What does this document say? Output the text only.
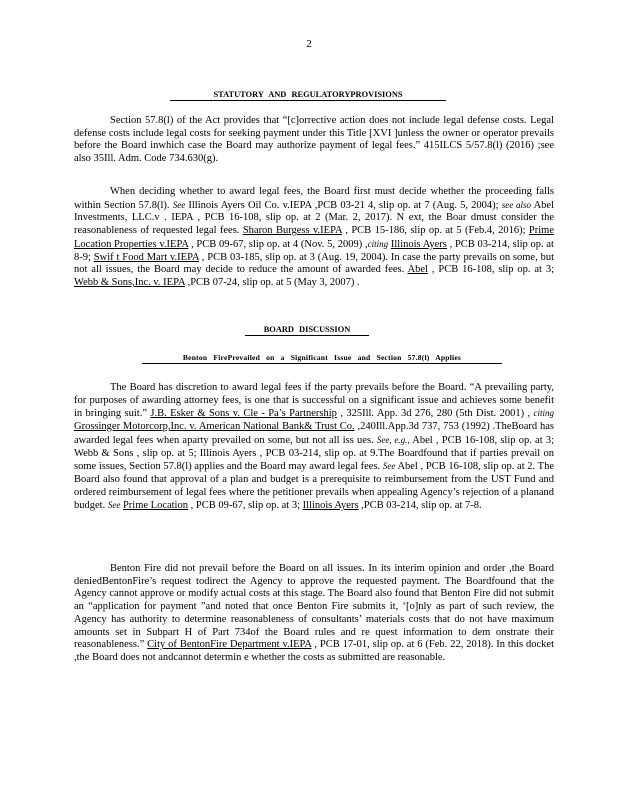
2
STATUTORY AND REGULATORYPROVISIONS

Section 57.8(l) of the Act provides that “[c]orrective action does not include legal defense costs. Legal defense costs include legal costs for seeking payment under this Title [XVI ]unless the owner or operator prevails before the Board inwhich case the Board may authorize payment of legal fees.” 415ILCS 5/57.8(l) (2016) ;see also 35Ill. Adm. Code 734.630(g).

When deciding whether to award legal fees, the Board first must decide whether the proceeding falls within Section 57.8(l). See Illinois Ayers Oil Co. v.IEPA ,PCB 03-21 4, slip op. at 7 (Aug. 5, 2004); see also Abel Investments, LLC.v . IEPA , PCB 16-108, slip op. at 2 (Mar. 2, 2017). N ext, the Boar dmust consider the reasonableness of requested legal fees. Sharon Burgess v.IEPA , PCB 15-186, slip op. at 5 (Feb.4, 2016); Prime Location Properties v.IEPA , PCB 09-67, slip op. at 4 (Nov. 5, 2009) ,citing Illinois Ayers , PCB 03-214, slip op. at 8-9; Swif t Food Mart v.IEPA , PCB 03-185, slip op. at 3 (Aug. 19, 2004). In case the party prevails on some, but not all issues, the Board may decide to reduce the amount of awarded fees. Abel , PCB 16-108, slip op. at 3; Webb & Sons,Inc. v. IEPA ,PCB 07-24, slip op. at 5 (May 3, 2007) .

BOARD DISCUSSION
Benton FirePrevailed on a Significant Issue and Section 57.8(l) Applies

The Board has discretion to award legal fees if the party prevails before the Board. “A prevailing party, for purposes of awarding attorney fees, is one that is successful on a significant issue and achieves some benefit in bringing suit.” J.B. Esker & Sons v. Cle - Pa’s Partnership , 325Ill. App. 3d 276, 280 (5th Dist. 2001) , citing Grossinger Motorcorp,Inc. v. American National Bank& Trust Co. ,240Ill.App.3d 737, 753 (1992) .TheBoard has awarded legal fees when aparty prevailed on some, but not all iss ues. See, e.g., Abel , PCB 16-108, slip op. at 3; Webb & Sons , slip op. at 5; Illinois Ayers , PCB 03-214, slip op. at 9.The Boardfound that if parties prevail on some issues, Section 57.8(l) applies and the Board may award legal fees. See Abel , PCB 16-108, slip op. at 2. The Board also found that approval of a plan and budget is a prerequisite to reimbursement from the UST Fund and ordered reimbursement of legal fees where the petitioner prevails when appealing Agency’s rejection of a planand budget. See Prime Location , PCB 09-67, slip op. at 3; Illinois Ayers ,PCB 03-214, slip op. at 7-8.

Benton Fire did not prevail before the Board on all issues. In its interim opinion and order ,the Board deniedBentonFire’s request todirect the Agency to approve the requested payment. The Boardfound that the Agency cannot approve or modify actual costs at this stage. The Board also found that Benton Fire did not submit an “application for payment ”and noted that once Benton Fire submits it, ‘[o]nly as part of such review, the Agency has authority to determine reasonableness of consultants’ materials costs that do not have maximum amounts set in Subpart H of Part 734of the Board rules and re quest information to dem onstrate their reasonableness.” City of BentonFire Department v.IEPA , PCB 17-01, slip op. at 6 (Feb. 22, 2018). In this docket ,the Board does not andcannot determin e whether the costs as submitted are reasonable.
